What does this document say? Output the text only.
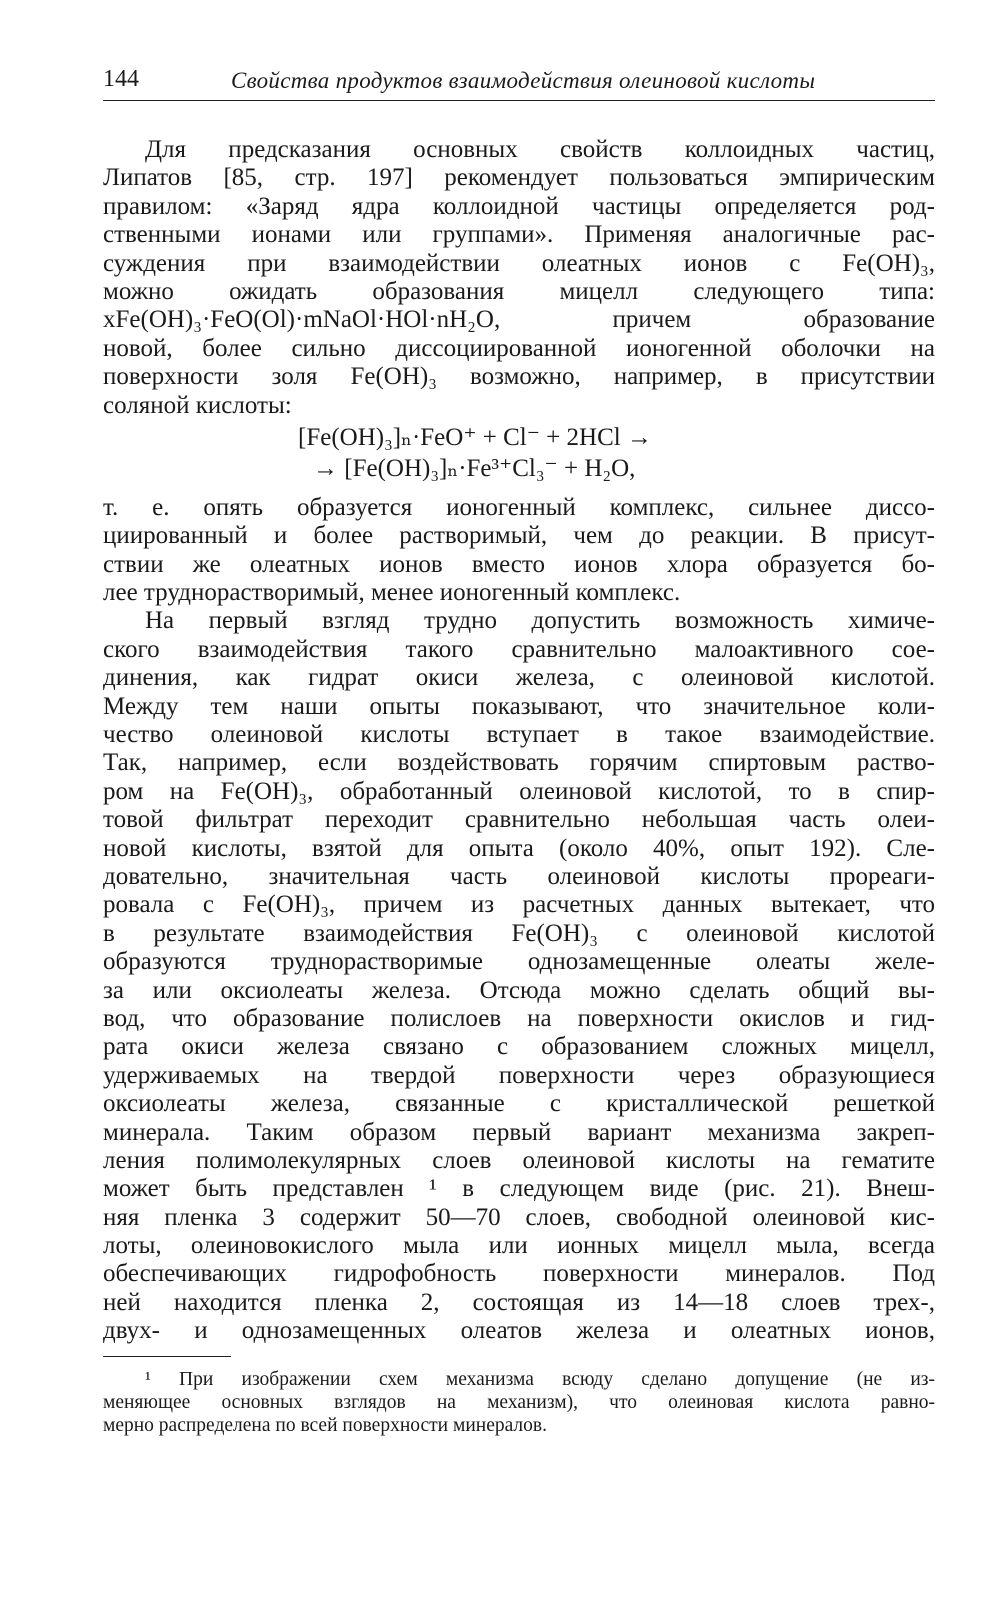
144	Свойства продуктов взаимодействия олеиновой кислоты
Для предсказания основных свойств коллоидных частиц,
Липатов [85, стр. 197] рекомендует пользоваться эмпирическим
правилом: «Заряд ядра коллоидной частицы определяется род-
ственными ионами или группами». Применяя аналогичные рас-
суждения при взаимодействии олеатных ионов с Fe(OH)₃,
можно ожидать образования мицелл следующего типа:
xFe(OH)₃·FeO(Ol)·mNaOl·HOl·nH₂O, причем образование
новой, более сильно диссоциированной ионогенной оболочки на
поверхности золя Fe(OH)₃ возможно, например, в присутствии
соляной кислоты:
[Fe(OH)₃]ₙ·FeO⁺ + Cl⁻ + 2HCl →
→ [Fe(OH)₃]ₙ·Fe³⁺Cl₃⁻ + H₂O,
т. е. опять образуется ионогенный комплекс, сильнее диссо-
циированный и более растворимый, чем до реакции. В присут-
ствии же олеатных ионов вместо ионов хлора образуется бо-
лее труднорастворимый, менее ионогенный комплекс.
На первый взгляд трудно допустить возможность химиче-
ского взаимодействия такого сравнительно малоактивного сое-
динения, как гидрат окиси железа, с олеиновой кислотой.
Между тем наши опыты показывают, что значительное коли-
чество олеиновой кислоты вступает в такое взаимодействие.
Так, например, если воздействовать горячим спиртовым раство-
ром на Fe(OH)₃, обработанный олеиновой кислотой, то в спир-
товой фильтрат переходит сравнительно небольшая часть олеи-
новой кислоты, взятой для опыта (около 40%, опыт 192). Сле-
довательно, значительная часть олеиновой кислоты прореаги-
ровала с Fe(OH)₃, причем из расчетных данных вытекает, что
в результате взаимодействия Fe(OH)₃ с олеиновой кислотой
образуются труднорастворимые однозамещенные олеаты желе-
за или оксиолеаты железа. Отсюда можно сделать общий вы-
вод, что образование полислоев на поверхности окислов и гид-
рата окиси железа связано с образованием сложных мицелл,
удерживаемых на твердой поверхности через образующиеся
оксиолеаты железа, связанные с кристаллической решеткой
минерала. Таким образом первый вариант механизма закреп-
ления полимолекулярных слоев олеиновой кислоты на гематите
может быть представлен ¹ в следующем виде (рис. 21). Внеш-
няя пленка 3 содержит 50—70 слоев, свободной олеиновой кис-
лоты, олеиновокислого мыла или ионных мицелл мыла, всегда
обеспечивающих гидрофобность поверхности минералов. Под
ней находится пленка 2, состоящая из 14—18 слоев трех-,
двух- и однозамещенных олеатов железа и олеатных ионов,
¹ При изображении схем механизма всюду сделано допущение (не из-
меняющее основных взглядов на механизм), что олеиновая кислота равно-
мерно распределена по всей поверхности минералов.
